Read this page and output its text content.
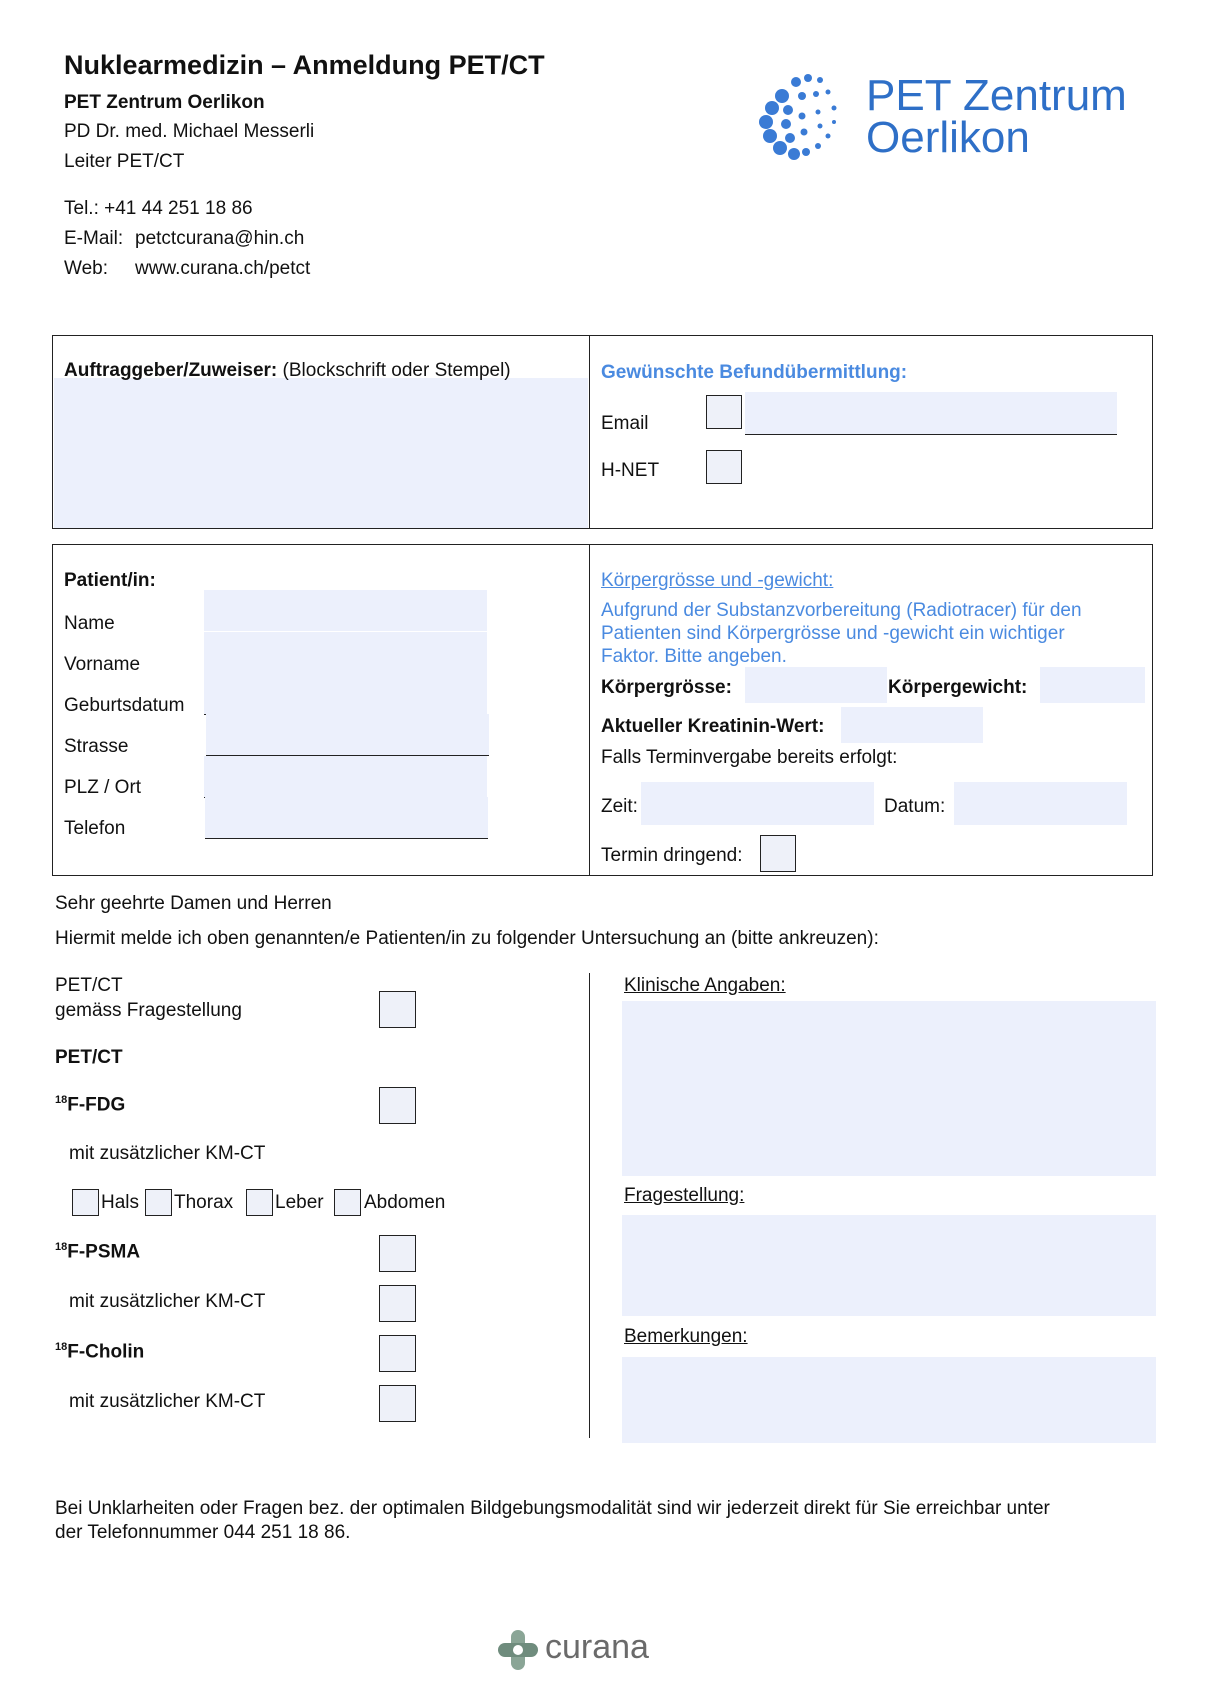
Nuklearmedizin – Anmeldung PET/CT
PET Zentrum Oerlikon
PD Dr. med. Michael Messerli
Leiter PET/CT
Tel.: +41 44 251 18 86
E-Mail: petctcurana@hin.ch
Web: www.curana.ch/petct
PET Zentrum
Oerlikon
Auftraggeber/Zuweiser: (Blockschrift oder Stempel)	Gewünschte Befundübermittlung:
Email
H-NET
Patient/in:
Name
Vorname
Geburtsdatum
Strasse
PLZ / Ort
Telefon
Körpergrösse und -gewicht:
Aufgrund der Substanzvorbereitung (Radiotracer) für den
Patienten sind Körpergrösse und -gewicht ein wichtiger
Faktor. Bitte angeben.
Körpergrösse:	Körpergewicht:
Aktueller Kreatinin-Wert:
Falls Terminvergabe bereits erfolgt:
Zeit:	Datum:
Termin dringend:
Sehr geehrte Damen und Herren
Hiermit melde ich oben genannten/e Patienten/in zu folgender Untersuchung an (bitte ankreuzen):
PET/CT
gemäss Fragestellung
PET/CT
$^{18}$F-FDG
mit zusätzlicher KM-CT
Hals Thorax Leber Abdomen
$^{18}$F-PSMA
mit zusätzlicher KM-CT
$^{18}$F-Cholin
mit zusätzlicher KM-CT
Klinische Angaben:
Fragestellung:
Bemerkungen:
Bei Unklarheiten oder Fragen bez. der optimalen Bildgebungsmodalität sind wir jederzeit direkt für Sie erreichbar unter
der Telefonnummer 044 251 18 86.
curana
